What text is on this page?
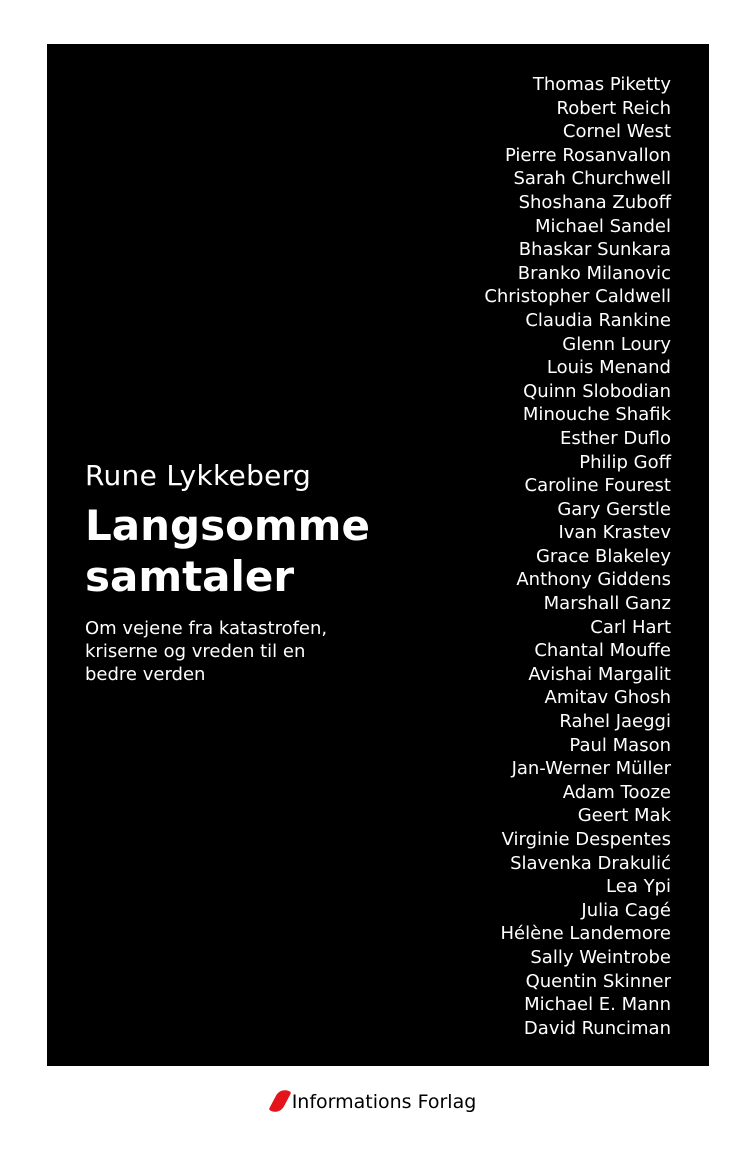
Rune Lykkeberg
Langsomme
samtaler
Om vejene fra katastrofen,
kriserne og vreden til en
bedre verden
Thomas Piketty
Robert Reich
Cornel West
Pierre Rosanvallon
Sarah Churchwell
Shoshana Zuboff
Michael Sandel
Bhaskar Sunkara
Branko Milanovic
Christopher Caldwell
Claudia Rankine
Glenn Loury
Louis Menand
Quinn Slobodian
Minouche Shafik
Esther Duflo
Philip Goff
Caroline Fourest
Gary Gerstle
Ivan Krastev
Grace Blakeley
Anthony Giddens
Marshall Ganz
Carl Hart
Chantal Mouffe
Avishai Margalit
Amitav Ghosh
Rahel Jaeggi
Paul Mason
Jan-Werner Müller
Adam Tooze
Geert Mak
Virginie Despentes
Slavenka Drakulić
Lea Ypi
Julia Cagé
Hélène Landemore
Sally Weintrobe
Quentin Skinner
Michael E. Mann
David Runciman
Informations Forlag
